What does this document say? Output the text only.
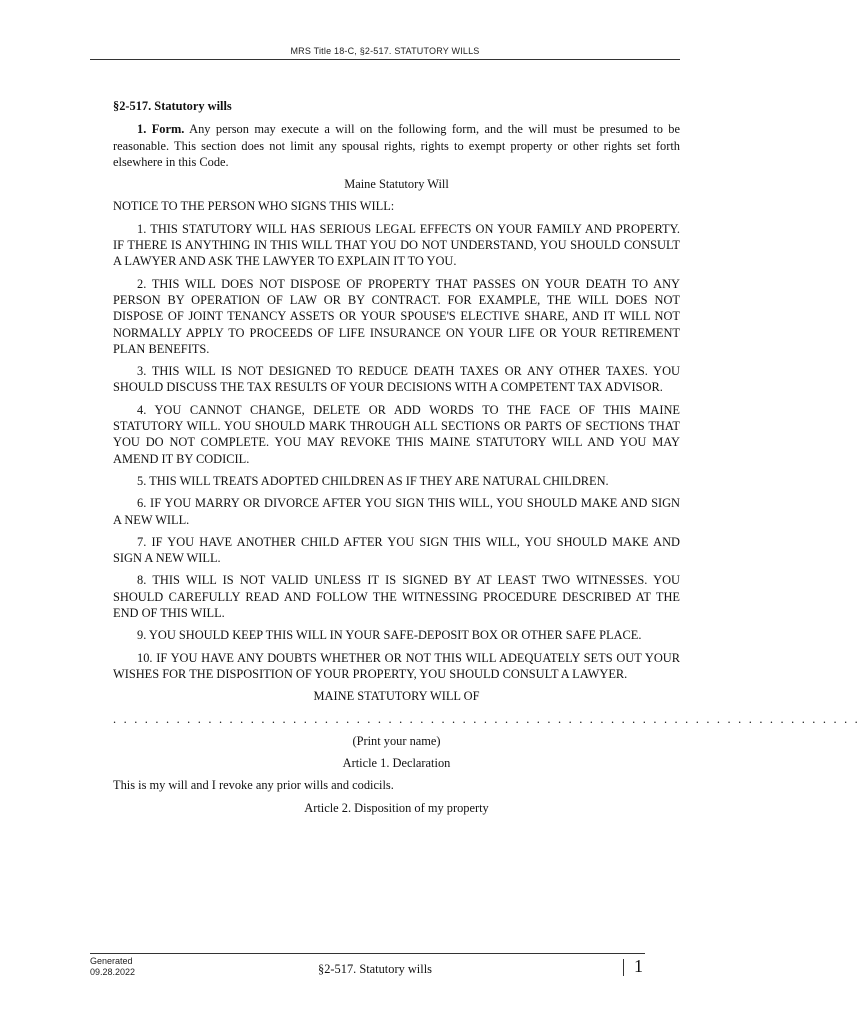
MRS Title 18-C, §2-517. STATUTORY WILLS

§2-517. Statutory wills

1. Form. Any person may execute a will on the following form, and the will must be presumed to be reasonable. This section does not limit any spousal rights, rights to exempt property or other rights set forth elsewhere in this Code.

Maine Statutory Will

NOTICE TO THE PERSON WHO SIGNS THIS WILL:

1. THIS STATUTORY WILL HAS SERIOUS LEGAL EFFECTS ON YOUR FAMILY AND PROPERTY. IF THERE IS ANYTHING IN THIS WILL THAT YOU DO NOT UNDERSTAND, YOU SHOULD CONSULT A LAWYER AND ASK THE LAWYER TO EXPLAIN IT TO YOU.

2. THIS WILL DOES NOT DISPOSE OF PROPERTY THAT PASSES ON YOUR DEATH TO ANY PERSON BY OPERATION OF LAW OR BY CONTRACT. FOR EXAMPLE, THE WILL DOES NOT DISPOSE OF JOINT TENANCY ASSETS OR YOUR SPOUSE'S ELECTIVE SHARE, AND IT WILL NOT NORMALLY APPLY TO PROCEEDS OF LIFE INSURANCE ON YOUR LIFE OR YOUR RETIREMENT PLAN BENEFITS.

3. THIS WILL IS NOT DESIGNED TO REDUCE DEATH TAXES OR ANY OTHER TAXES. YOU SHOULD DISCUSS THE TAX RESULTS OF YOUR DECISIONS WITH A COMPETENT TAX ADVISOR.

4. YOU CANNOT CHANGE, DELETE OR ADD WORDS TO THE FACE OF THIS MAINE STATUTORY WILL. YOU SHOULD MARK THROUGH ALL SECTIONS OR PARTS OF SECTIONS THAT YOU DO NOT COMPLETE. YOU MAY REVOKE THIS MAINE STATUTORY WILL AND YOU MAY AMEND IT BY CODICIL.

5. THIS WILL TREATS ADOPTED CHILDREN AS IF THEY ARE NATURAL CHILDREN.

6. IF YOU MARRY OR DIVORCE AFTER YOU SIGN THIS WILL, YOU SHOULD MAKE AND SIGN A NEW WILL.

7. IF YOU HAVE ANOTHER CHILD AFTER YOU SIGN THIS WILL, YOU SHOULD MAKE AND SIGN A NEW WILL.

8. THIS WILL IS NOT VALID UNLESS IT IS SIGNED BY AT LEAST TWO WITNESSES. YOU SHOULD CAREFULLY READ AND FOLLOW THE WITNESSING PROCEDURE DESCRIBED AT THE END OF THIS WILL.

9. YOU SHOULD KEEP THIS WILL IN YOUR SAFE-DEPOSIT BOX OR OTHER SAFE PLACE.

10. IF YOU HAVE ANY DOUBTS WHETHER OR NOT THIS WILL ADEQUATELY SETS OUT YOUR WISHES FOR THE DISPOSITION OF YOUR PROPERTY, YOU SHOULD CONSULT A LAWYER.

MAINE STATUTORY WILL OF

. . . . . . . . . . . . . . . . . . . . . . . . . . . . . . . . . . . . . . . . . . . . . . . . . . . . . . . . . . . . . . . . . . . . . . .

(Print your name)

Article 1. Declaration

This is my will and I revoke any prior wills and codicils.

Article 2. Disposition of my property

Generated
09.28.2022	§2-517. Statutory wills	1
